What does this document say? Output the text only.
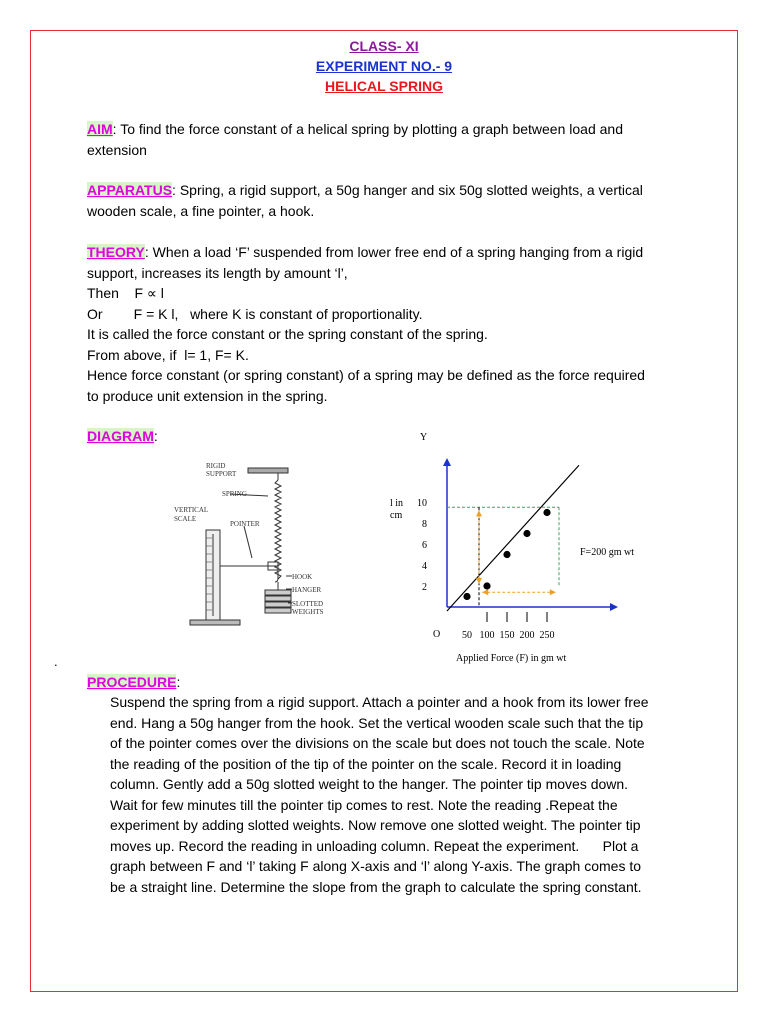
CLASS- XI
EXPERIMENT NO.- 9
HELICAL SPRING
AIM: To find the force constant of a helical spring by plotting a graph between load and
extension
APPARATUS: Spring, a rigid support, a 50g hanger and six 50g slotted weights, a vertical
wooden scale, a fine pointer, a hook.
THEORY: When a load ‘F’ suspended from lower free end of a spring hanging from a rigid
support, increases its length by amount ‘l’,
Then    F ∝ l
Or        F = K l,   where K is constant of proportionality.
It is called the force constant or the spring constant of the spring.
From above, if  l= 1, F= K.
Hence force constant (or spring constant) of a spring may be defined as the force required
to produce unit extension in the spring.
DIAGRAM:
RIGID
SUPPORT
SPRING
VERTICAL
SCALE
POINTER
HOOK
HANGER
SLOTTED
WEIGHTS
Y
l in
cm
O
Applied Force (F) in gm wt
F=200 gm wt
2
4
6
8
10
50 100 150 200 250
.
PROCEDURE:
Suspend the spring from a rigid support. Attach a pointer and a hook from its lower free
end. Hang a 50g hanger from the hook. Set the vertical wooden scale such that the tip
of the pointer comes over the divisions on the scale but does not touch the scale. Note
the reading of the position of the tip of the pointer on the scale. Record it in loading
column. Gently add a 50g slotted weight to the hanger. The pointer tip moves down.
Wait for few minutes till the pointer tip comes to rest. Note the reading .Repeat the
experiment by adding slotted weights. Now remove one slotted weight. The pointer tip
moves up. Record the reading in unloading column. Repeat the experiment.      Plot a
graph between F and ‘l’ taking F along X-axis and ‘l’ along Y-axis. The graph comes to
be a straight line. Determine the slope from the graph to calculate the spring constant.
